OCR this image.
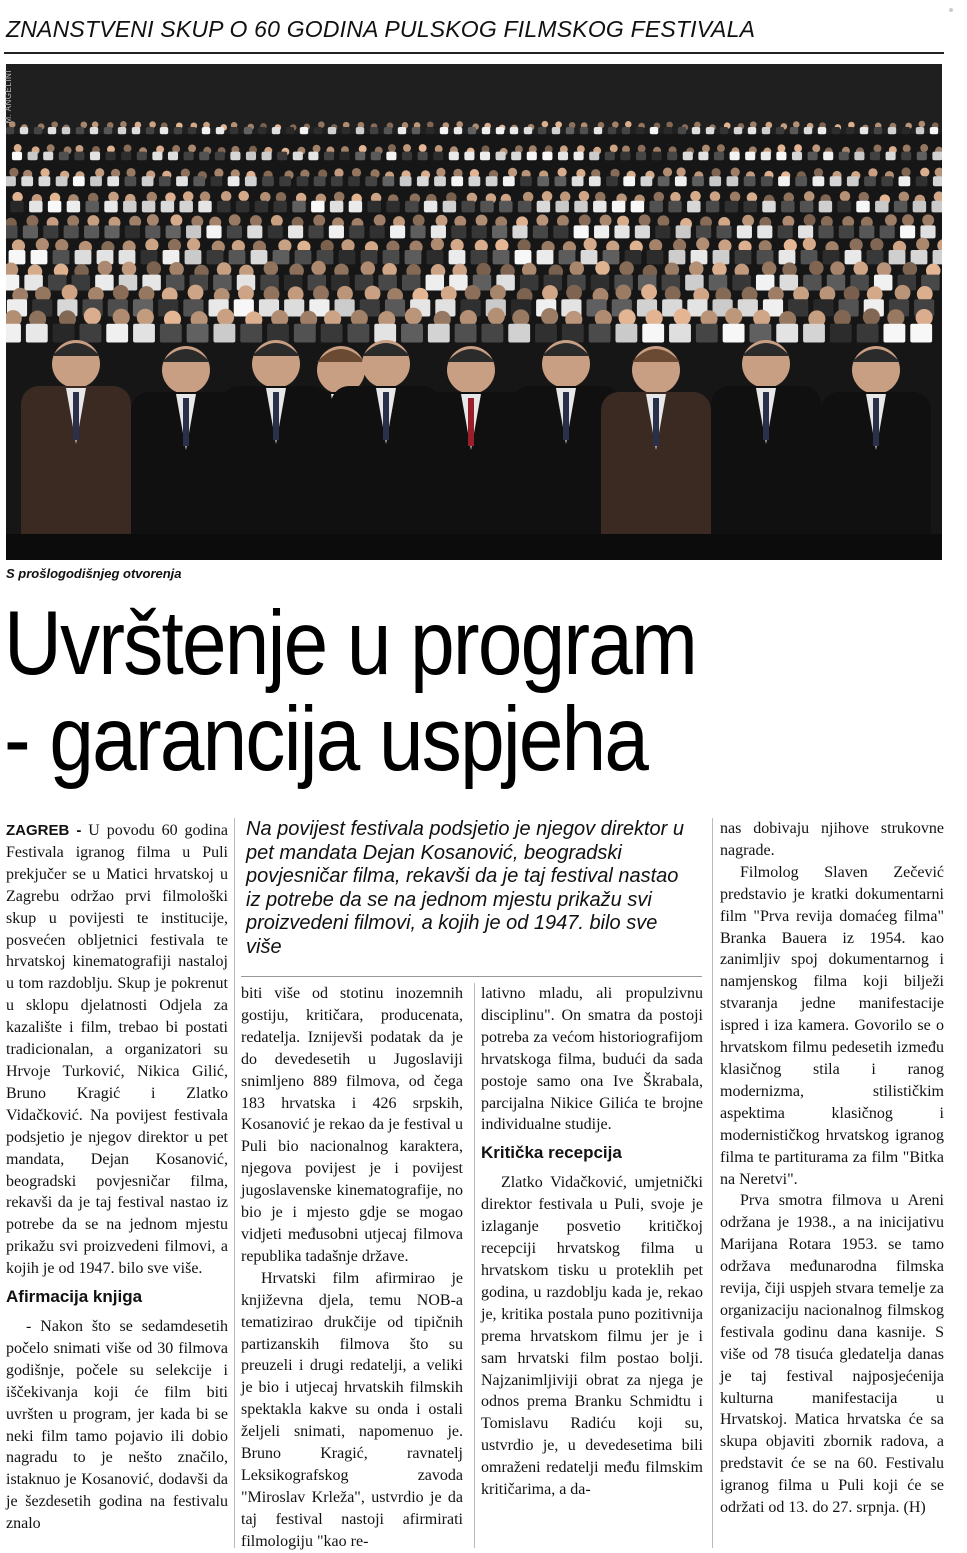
ZNANSTVENI SKUP O 60 GODINA PULSKOG FILMSKOG FESTIVALA
M. ANGELINI
S prošlogodišnjeg otvorenja
Uvrštenje u program
- garancija uspjeha

ZAGREB - U povodu 60 godina Festivala igranog filma u Puli prekjučer se u Matici hrvatskoj u Zagrebu održao prvi filmološki skup u povijesti te institucije, posvećen obljetnici festivala te hrvatskoj kinematografiji nastaloj u tom razdoblju. Skup je pokrenut u sklopu djelatnosti Odjela za kazalište i film, trebao bi postati tradicionalan, a organizatori su Hrvoje Turković, Nikica Gilić, Bruno Kragić i Zlatko Vidačković. Na povijest festivala podsjetio je njegov direktor u pet mandata, Dejan Kosanović, beogradski povjesničar filma, rekavši da je taj festival nastao iz potrebe da se na jednom mjestu prikažu svi proizvedeni filmovi, a kojih je od 1947. bilo sve više.

Afirmacija knjiga

- Nakon što se sedamdesetih počelo snimati više od 30 filmova godišnje, počele su selekcije i iščekivanja koji će film biti uvršten u program, jer kada bi se neki film tamo pojavio ili dobio nagradu to je nešto značilo, istaknuo je Kosanović, dodavši da je šezdesetih godina na festivalu znalo

Na povijest festivala podsjetio je njegov direktor u pet mandata Dejan Kosanović, beogradski povjesničar filma, rekavši da je taj festival nastao iz potrebe da se na jednom mjestu prikažu svi proizvedeni filmovi, a kojih je od 1947. bilo sve više

biti više od stotinu inozemnih gostiju, kritičara, producenata, redatelja. Iznijevši podatak da je do devedesetih u Jugoslaviji snimljeno 889 filmova, od čega 183 hrvatska i 426 srpskih, Kosanović je rekao da je festival u Puli bio nacionalnog karaktera, njegova povijest je i povijest jugoslavenske kinematografije, no bio je i mjesto gdje se mogao vidjeti međusobni utjecaj filmova republika tadašnje države.

Hrvatski film afirmirao je književna djela, temu NOB-a tematizirao drukčije od tipičnih partizanskih filmova što su preuzeli i drugi redatelji, a veliki je bio i utjecaj hrvatskih filmskih spektakla kakve su onda i ostali željeli snimati, napomenuo je. Bruno Kragić, ravnatelj Leksikografskog zavoda "Miroslav Krleža", ustvrdio je da taj festival nastoji afirmirati filmologiju "kao re-

lativno mladu, ali propulzivnu disciplinu". On smatra da postoji potreba za većom historiografijom hrvatskoga filma, budući da sada postoje samo ona Ive Škrabala, parcijalna Nikice Gilića te brojne individualne studije.

Kritička recepcija

Zlatko Vidačković, umjetnički direktor festivala u Puli, svoje je izlaganje posvetio kritičkoj recepciji hrvatskog filma u hrvatskom tisku u proteklih pet godina, u razdoblju kada je, rekao je, kritika postala puno pozitivnija prema hrvatskom filmu jer je i sam hrvatski film postao bolji. Najzanimljiviji obrat za njega je odnos prema Branku Schmidtu i Tomislavu Radiću koji su, ustvrdio je, u devedesetima bili omraženi redatelji među filmskim kritičarima, a da-

nas dobivaju njihove strukovne nagrade.

Filmolog Slaven Zečević predstavio je kratki dokumentarni film "Prva revija domaćeg filma" Branka Bauera iz 1954. kao zanimljiv spoj dokumentarnog i namjenskog filma koji bilježi stvaranja jedne manifestacije ispred i iza kamera. Govorilo se o hrvatskom filmu pedesetih između klasičnog stila i ranog modernizma, stilističkim aspektima klasičnog i modernističkog hrvatskog igranog filma te partiturama za film "Bitka na Neretvi".

Prva smotra filmova u Areni održana je 1938., a na inicijativu Marijana Rotara 1953. se tamo održava međunarodna filmska revija, čiji uspjeh stvara temelje za organizaciju nacionalnog filmskog festivala godinu dana kasnije. S više od 78 tisuća gledatelja danas je taj festival najposjećenija kulturna manifestacija u Hrvatskoj. Matica hrvatska će sa skupa objaviti zbornik radova, a predstavit će se na 60. Festivalu igranog filma u Puli koji će se održati od 13. do 27. srpnja. (H)
